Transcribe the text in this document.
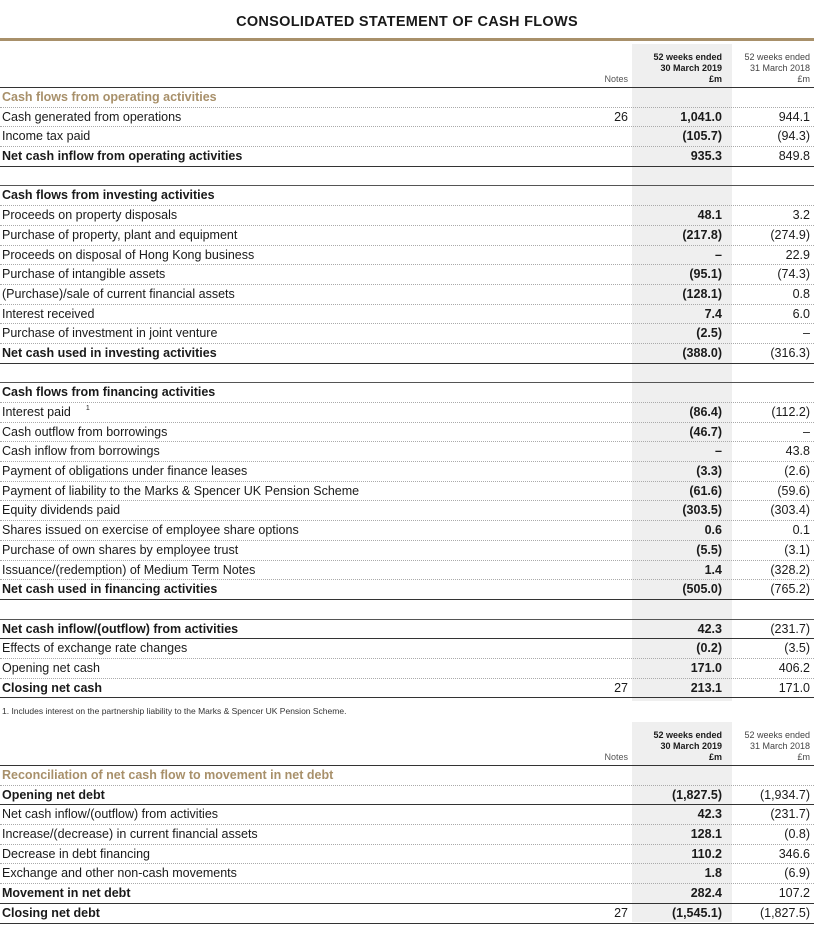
CONSOLIDATED STATEMENT OF CASH FLOWS
Notes
52 weeks ended
30 March 2019
£m
52 weeks ended
31 March 2018
£m
Cash flows from operating activities
Cash generated from operations	26	1,041.0	944.1
Income tax paid	(105.7)	(94.3)
Net cash inflow from operating activities	935.3	849.8
Cash flows from investing activities
Proceeds on property disposals	48.1	3.2
Purchase of property, plant and equipment	(217.8)	(274.9)
Proceeds on disposal of Hong Kong business	–	22.9
Purchase of intangible assets	(95.1)	(74.3)
(Purchase)/sale of current financial assets	(128.1)	0.8
Interest received	7.4	6.0
Purchase of investment in joint venture	(2.5)	–
Net cash used in investing activities	(388.0)	(316.3)
Cash flows from financing activities
Interest paid 1	(86.4)	(112.2)
Cash outflow from borrowings	(46.7)	–
Cash inflow from borrowings	–	43.8
Payment of obligations under finance leases	(3.3)	(2.6)
Payment of liability to the Marks & Spencer UK Pension Scheme	(61.6)	(59.6)
Equity dividends paid	(303.5)	(303.4)
Shares issued on exercise of employee share options	0.6	0.1
Purchase of own shares by employee trust	(5.5)	(3.1)
Issuance/(redemption) of Medium Term Notes	1.4	(328.2)
Net cash used in financing activities	(505.0)	(765.2)
Net cash inflow/(outflow) from activities	42.3	(231.7)
Effects of exchange rate changes	(0.2)	(3.5)
Opening net cash	171.0	406.2
Closing net cash	27	213.1	171.0
1. Includes interest on the partnership liability to the Marks & Spencer UK Pension Scheme.
Notes
52 weeks ended
30 March 2019
£m
52 weeks ended
31 March 2018
£m
Reconciliation of net cash flow to movement in net debt
Opening net debt	(1,827.5)	(1,934.7)
Net cash inflow/(outflow) from activities	42.3	(231.7)
Increase/(decrease) in current financial assets	128.1	(0.8)
Decrease in debt financing	110.2	346.6
Exchange and other non-cash movements	1.8	(6.9)
Movement in net debt	282.4	107.2
Closing net debt	27	(1,545.1)	(1,827.5)
